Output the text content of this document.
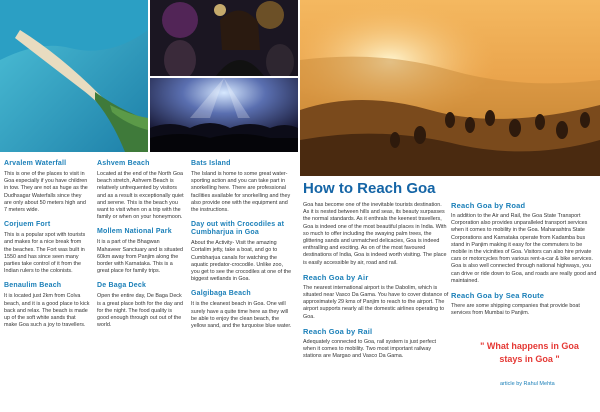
Arvalem Waterfall
This is one of the places to visit in Goa especially if you have children in tow. They are not as huge as the Dudhsagar Waterfalls since they are only about 50 meters high and 7 meters wide.
Corjuem Fort
This is a popular spot with tourists and makes for a nice break from the beaches. The Fort was built in 1550 and has since seen many parties take control of it from the Indian rulers to the colonists.
Benaulim Beach
It is located just 2km from Colva beach, and it is a good place to kick back and relax. The beach is made up of the soft white sands that make Goa such a joy to travellers.
Ashvem Beach
Located at the end of the North Goa beach stretch, Ashvem Beach is relatively unfrequented by visitors and as a result is exceptionally quiet and serene. This is the beach you want to visit when on a trip with the family or when on your honeymoon.
Mollem National Park
It is a part of the Bhagwan Mahaveer Sanctuary and is situated 60km away from Panjim along the border with Karnataka. This is a great place for family trips.
De Baga Deck
Open the entire day, De Baga Deck is a great place both for the day and for the night. The food quality is good enough through out out of the world.
Bats Island
The Island is home to some great water-sporting action and you can take part in snorkelling here. There are professional facilities available for snorkelling and they also provide one with the equipment and the instructions.
Day out with Crocodiles at Cumbharjua in Goa
About the Activity- Visit the amazing Cortalim jetty, take a boat, and go to Cumbharjua canals for watching the aquatic predator-crocodile. Unlike zoo, you get to see the crocodiles at one of the biggest wetlands in Goa.
Galgibaga Beach
It is the cleanest beach in Goa. One will surely have a quite time here as they will be able to enjoy the clean beach, the yellow sand, and the turquoise blue water.
How to Reach Goa
Goa has become one of the inevitable tourists destination. As it is nested between hills and seas, its beauty surpasses the normal standards. As it enthrals the keenest travellers, Goa is indeed one of the most beautiful places in India. With so much to offer including the swaying palm trees, the glittering sands and unmatched delicacies, Goa is indeed enthralling and exciting. As on of the most favoured destinations of India, Goa is indeed worth visiting. The place is easily accessible by air, road and rail.
Reach Goa by Air
The nearest international airport is the Dabolim, which is situated near Vasco Da Gama. You have to cover distance of approximately 29 kms of Panjim to reach to the airport. The airport supports nearly all the domestic airlines operating to Goa.
Reach Goa by Rail
Adequately connected to Goa, rail system is just perfect when it comes to mobility. Two most important railway stations are Margao and Vasco Da Gama.
Reach Goa by Road
In addition to the Air and Rail, the Goa State Transport Corporation also provides unparalleled transport services when it comes to mobility in the Goa. Maharashtra State Corporations and Karnataka operate from Kadamba bus stand in Panjim making it easy for the commuters to be mobile in the vicinities of Goa. Visitors can also hire private cars or motorcycles from various rent-a-car & bike services. Goa is also well connected through national highways, you can drive or ride down to Goa, and roads are really good and maintained.
Reach Goa by Sea Route
There are some shipping companies that provide boat services from Mumbai to Panjim.
" What happens in Goa
stays in Goa "
article by Rahul Mehta
